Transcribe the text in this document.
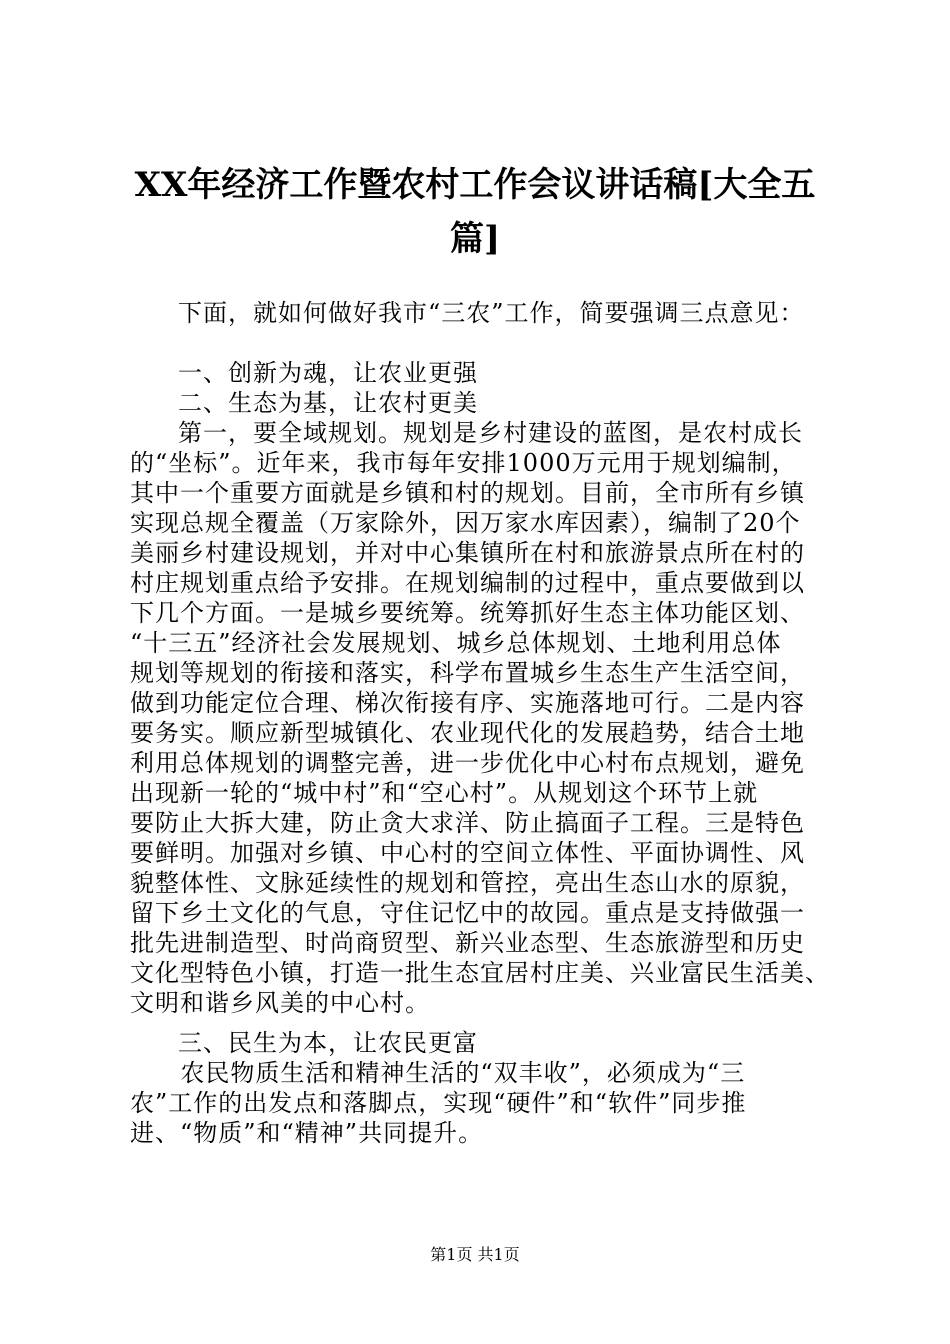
XX年经济工作暨农村工作会议讲话稿[大全五
篇]
下面，就如何做好我市“三农”工作，简要强调三点意见：
一、创新为魂，让农业更强
二、生态为基，让农村更美
第一，要全域规划。规划是乡村建设的蓝图，是农村成长
的“坐标”。近年来，我市每年安排1000万元用于规划编制，
其中一个重要方面就是乡镇和村的规划。目前，全市所有乡镇
实现总规全覆盖（万家除外，因万家水库因素），编制了20个
美丽乡村建设规划，并对中心集镇所在村和旅游景点所在村的
村庄规划重点给予安排。在规划编制的过程中，重点要做到以
下几个方面。一是城乡要统筹。统筹抓好生态主体功能区划、
“十三五”经济社会发展规划、城乡总体规划、土地利用总体
规划等规划的衔接和落实，科学布置城乡生态生产生活空间，
做到功能定位合理、梯次衔接有序、实施落地可行。二是内容
要务实。顺应新型城镇化、农业现代化的发展趋势，结合土地
利用总体规划的调整完善，进一步优化中心村布点规划，避免
出现新一轮的“城中村”和“空心村”。从规划这个环节上就
要防止大拆大建，防止贪大求洋、防止搞面子工程。三是特色
要鲜明。加强对乡镇、中心村的空间立体性、平面协调性、风
貌整体性、文脉延续性的规划和管控，亮出生态山水的原貌，
留下乡土文化的气息，守住记忆中的故园。重点是支持做强一
批先进制造型、时尚商贸型、新兴业态型、生态旅游型和历史
文化型特色小镇，打造一批生态宜居村庄美、兴业富民生活美、
文明和谐乡风美的中心村。
三、民生为本，让农民更富
农民物质生活和精神生活的“双丰收”，必须成为“三
农”工作的出发点和落脚点，实现“硬件”和“软件”同步推
进、“物质”和“精神”共同提升。
第1页 共1页
